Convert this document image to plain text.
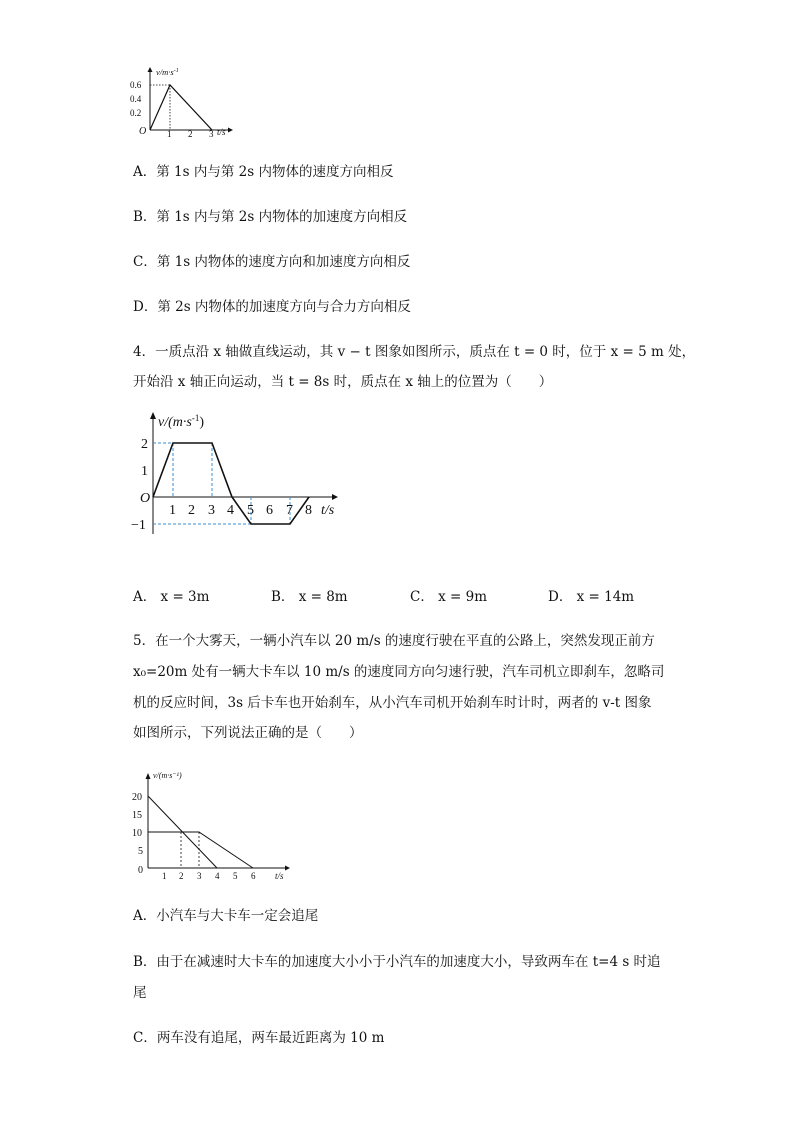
$v/m\cdot s^{-1}$
0.6
0.4
0.2
O 1 2 3 t/s
A．第 1s 内与第 2s 内物体的速度方向相反
B．第 1s 内与第 2s 内物体的加速度方向相反
C．第 1s 内物体的速度方向和加速度方向相反
D．第 2s 内物体的加速度方向与合力方向相反
4．一质点沿 x 轴做直线运动，其 v − t 图象如图所示，质点在 t = 0 时，位于 x = 5 m 处，
开始沿 x 轴正向运动，当 t = 8s 时，质点在 x 轴上的位置为（　　）
$v/(m\cdot s^{-1})$
2
1
−1
O
1 2 3 4 5 6 7 8 t/s
A． x = 3m	B． x = 8m	C． x = 9m	D． x = 14m
5．在一个大雾天，一辆小汽车以 20 m/s 的速度行驶在平直的公路上，突然发现正前方
x₀=20m 处有一辆大卡车以 10 m/s 的速度同方向匀速行驶，汽车司机立即刹车，忽略司
机的反应时间，3s 后卡车也开始刹车，从小汽车司机开始刹车时计时，两者的 v-t 图象
如图所示，下列说法正确的是（　　）
v/(m·s⁻¹)
20
15
10
5
0 1 2 3 4 5 6 t/s
A．小汽车与大卡车一定会追尾
B．由于在减速时大卡车的加速度大小小于小汽车的加速度大小，导致两车在 t=4 s 时追
尾
C．两车没有追尾，两车最近距离为 10 m
